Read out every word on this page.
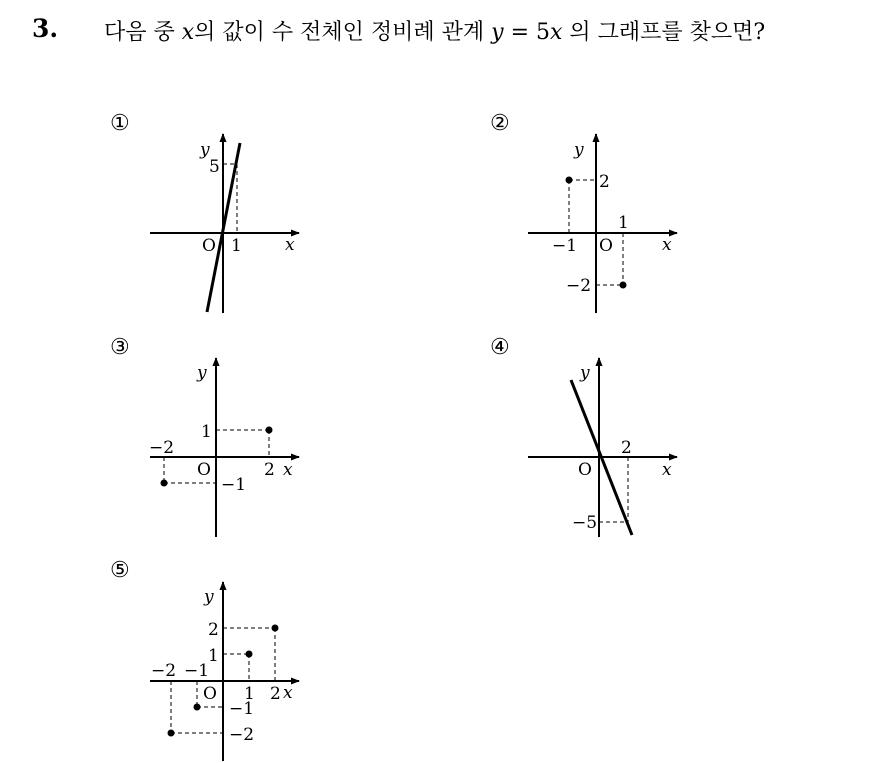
3. 다음 중 x의 값이 수 전체인 정비례 관계 y = 5x 의 그래프를 찾으면?
①
y
x
O
5
1
②
y
x
O
2
−1
1
−2
③
y
x
O
1
−2
2
−1
④
y
x
O
2
−5
⑤
y
x
O
2
1
−2 −1
1 2
−1
−2
